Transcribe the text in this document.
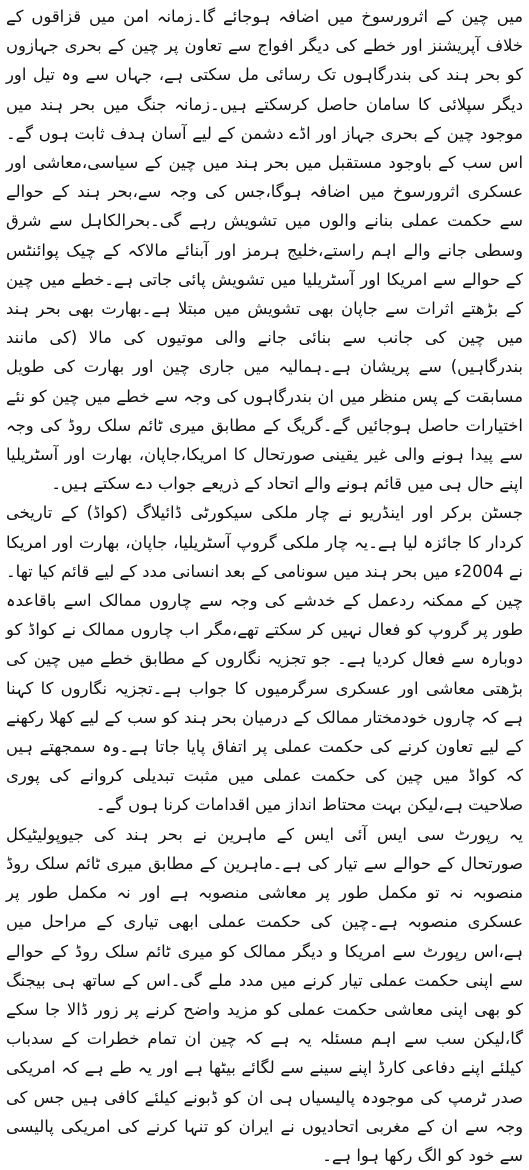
میں چین کے اثرورسوخ میں اضافہ ہوجائے گا۔زمانہ امن میں قزاقوں کے خلاف آپریشنز اور خطے کی دیگر افواج سے تعاون پر چین کے بحری جہازوں کو بحر ہند کی بندرگاہوں تک رسائی مل سکتی ہے، جہاں سے وہ تیل اور دیگر سپلائی کا سامان حاصل کرسکتے ہیں۔زمانہ جنگ میں بحر ہند میں موجود چین کے بحری جہاز اور اڈے دشمن کے لیے آسان ہدف ثابت ہوں گے۔اس سب کے باوجود مستقبل میں بحر ہند میں چین کے سیاسی،معاشی اور عسکری اثرورسوخ میں اضافہ ہوگا،جس کی وجہ سے،بحر ہند کے حوالے سے حکمت عملی بنانے والوں میں تشویش رہے گی۔بحرالکاہل سے شرق وسطی جانے والے اہم راستے،خلیج ہرمز اور آبنائے مالاکہ کے چیک پوائنٹس کے حوالے سے امریکا اور آسٹریلیا میں تشویش پائی جاتی ہے۔خطے میں چین کے بڑھتے اثرات سے جاپان بھی تشویش میں مبتلا ہے۔بھارت بھی بحر ہند میں چین کی جانب سے بنائی جانے والی موتیوں کی مالا (کی مانند بندرگاہیں) سے پریشان ہے۔ہمالیہ میں جاری چین اور بھارت کی طویل مسابقت کے پس منظر میں ان بندرگاہوں کی وجہ سے خطے میں چین کو نئے اختیارات حاصل ہوجائیں گے۔گریگ کے مطابق میری ٹائم سلک روڈ کی وجہ سے پیدا ہونے والی غیر یقینی صورتحال کا امریکا،جاپان، بھارت اور آسٹریلیا اپنے حال ہی میں قائم ہونے والے اتحاد کے ذریعے جواب دے سکتے ہیں۔

جسٹن برکر اور اینڈریو نے چار ملکی سیکورٹی ڈائیلاگ (کواڈ) کے تاریخی کردار کا جائزہ لیا ہے۔یہ چار ملکی گروپ آسٹریلیا، جاپان، بھارت اور امریکا نے 2004ء میں بحر ہند میں سونامی کے بعد انسانی مدد کے لیے قائم کیا تھا۔چین کے ممکنہ ردعمل کے خدشے کی وجہ سے چاروں ممالک اسے باقاعدہ طور پر گروپ کو فعال نہیں کر سکتے تھے،مگر اب چاروں ممالک نے کواڈ کو دوبارہ سے فعال کردیا ہے۔ جو تجزیہ نگاروں کے مطابق خطے میں چین کی بڑھتی معاشی اور عسکری سرگرمیوں کا جواب ہے۔تجزیہ نگاروں کا کہنا ہے کہ چاروں خودمختار ممالک کے درمیان بحر ہند کو سب کے لیے کھلا رکھنے کے لیے تعاون کرنے کی حکمت عملی پر اتفاق پایا جاتا ہے۔وہ سمجھتے ہیں کہ کواڈ میں چین کی حکمت عملی میں مثبت تبدیلی کروانے کی پوری صلاحیت ہے،لیکن بہت محتاط انداز میں اقدامات کرنا ہوں گے۔

یہ رپورٹ سی ایس آئی ایس کے ماہرین نے بحر ہند کی جیوپولیٹیکل صورتحال کے حوالے سے تیار کی ہے۔ماہرین کے مطابق میری ٹائم سلک روڈ منصوبہ نہ تو مکمل طور پر معاشی منصوبہ ہے اور نہ مکمل طور پر عسکری منصوبہ ہے۔چین کی حکمت عملی ابھی تیاری کے مراحل میں ہے،اس رپورٹ سے امریکا و دیگر ممالک کو میری ٹائم سلک روڈ کے حوالے سے اپنی حکمت عملی تیار کرنے میں مدد ملے گی۔اس کے ساتھ ہی بیجنگ کو بھی اپنی معاشی حکمت عملی کو مزید واضح کرنے پر زور ڈالا جا سکے گا،لیکن سب سے اہم مسئلہ یہ ہے کہ چین ان تمام خطرات کے سدباب کیلئے اپنے دفاعی کارڈ اپنے سینے سے لگائے بیٹھا ہے اور یہ طے ہے کہ امریکی صدر ٹرمپ کی موجودہ پالیسیاں ہی ان کو ڈبونے کیلئے کافی ہیں جس کی وجہ سے ان کے مغربی اتحادیوں نے ایران کو تنہا کرنے کی امریکی پالیسی سے خود کو الگ رکھا ہوا ہے۔
